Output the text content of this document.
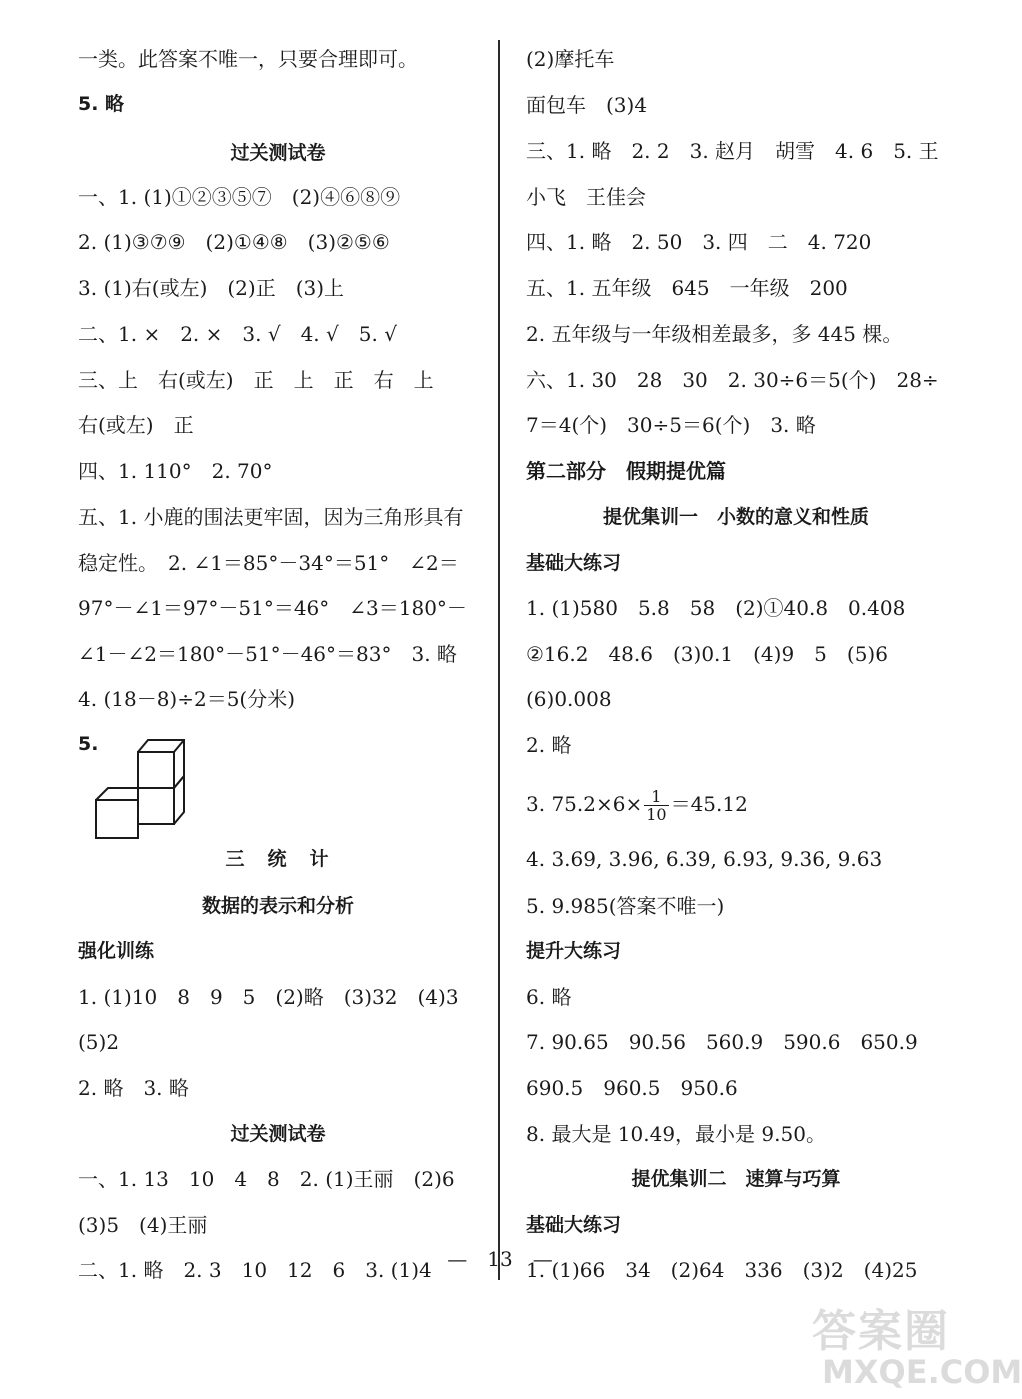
一类。此答案不唯一，只要合理即可。
5. 略
过关测试卷
一、1. (1)①②③⑤⑦　(2)④⑥⑧⑨
2. (1)③⑦⑨　(2)①④⑧　(3)②⑤⑥
3. (1)右(或左)　(2)正　(3)上
二、1. ×　2. ×　3. √　4. √　5. √
三、上　右(或左)　正　上　正　右　上
右(或左)　正
四、1. 110°　2. 70°
五、1. 小鹿的围法更牢固，因为三角形具有
稳定性。　2. ∠1＝85°－34°＝51°　∠2＝
97°－∠1＝97°－51°＝46°　∠3＝180°－
∠1－∠2＝180°－51°－46°＝83°　3. 略
4. (18－8)÷2＝5(分米)
5.
三　统　计
数据的表示和分析
强化训练
1. (1)10　8　9　5　(2)略　(3)32　(4)3
(5)2
2. 略　3. 略
过关测试卷
一、1. 13　10　4　8　2. (1)王丽　(2)6
(3)5　(4)王丽
二、1. 略　2. 3　10　12　6　3. (1)4
(2)摩托车
面包车　(3)4
三、1. 略　2. 2　3. 赵月　胡雪　4. 6　5. 王
小飞　王佳会
四、1. 略　2. 50　3. 四　二　4. 720
五、1. 五年级　645　一年级　200
2. 五年级与一年级相差最多，多 445 棵。
六、1. 30　28　30　2. 30÷6＝5(个)　28÷
7＝4(个)　30÷5＝6(个)　3. 略
第二部分　假期提优篇
提优集训一　小数的意义和性质
基础大练习
1. (1)580　5.8　58　(2)①40.8　0.408
②16.2　48.6　(3)0.1　(4)9　5　(5)6
(6)0.008
2. 略
3. $75.2\times 6\times \frac{1}{10} =45.12$
4. 3.69, 3.96, 6.39, 6.93, 9.36, 9.63
5. 9.985(答案不唯一)
提升大练习
6. 略
7. 90.65　90.56　560.9　590.6　650.9
690.5　960.5　950.6
8. 最大是 10.49，最小是 9.50。
提优集训二　速算与巧算
基础大练习
1. (1)66　34　(2)64　336　(3)2　(4)25
—　13　—
答案圈
MXQE.COM
